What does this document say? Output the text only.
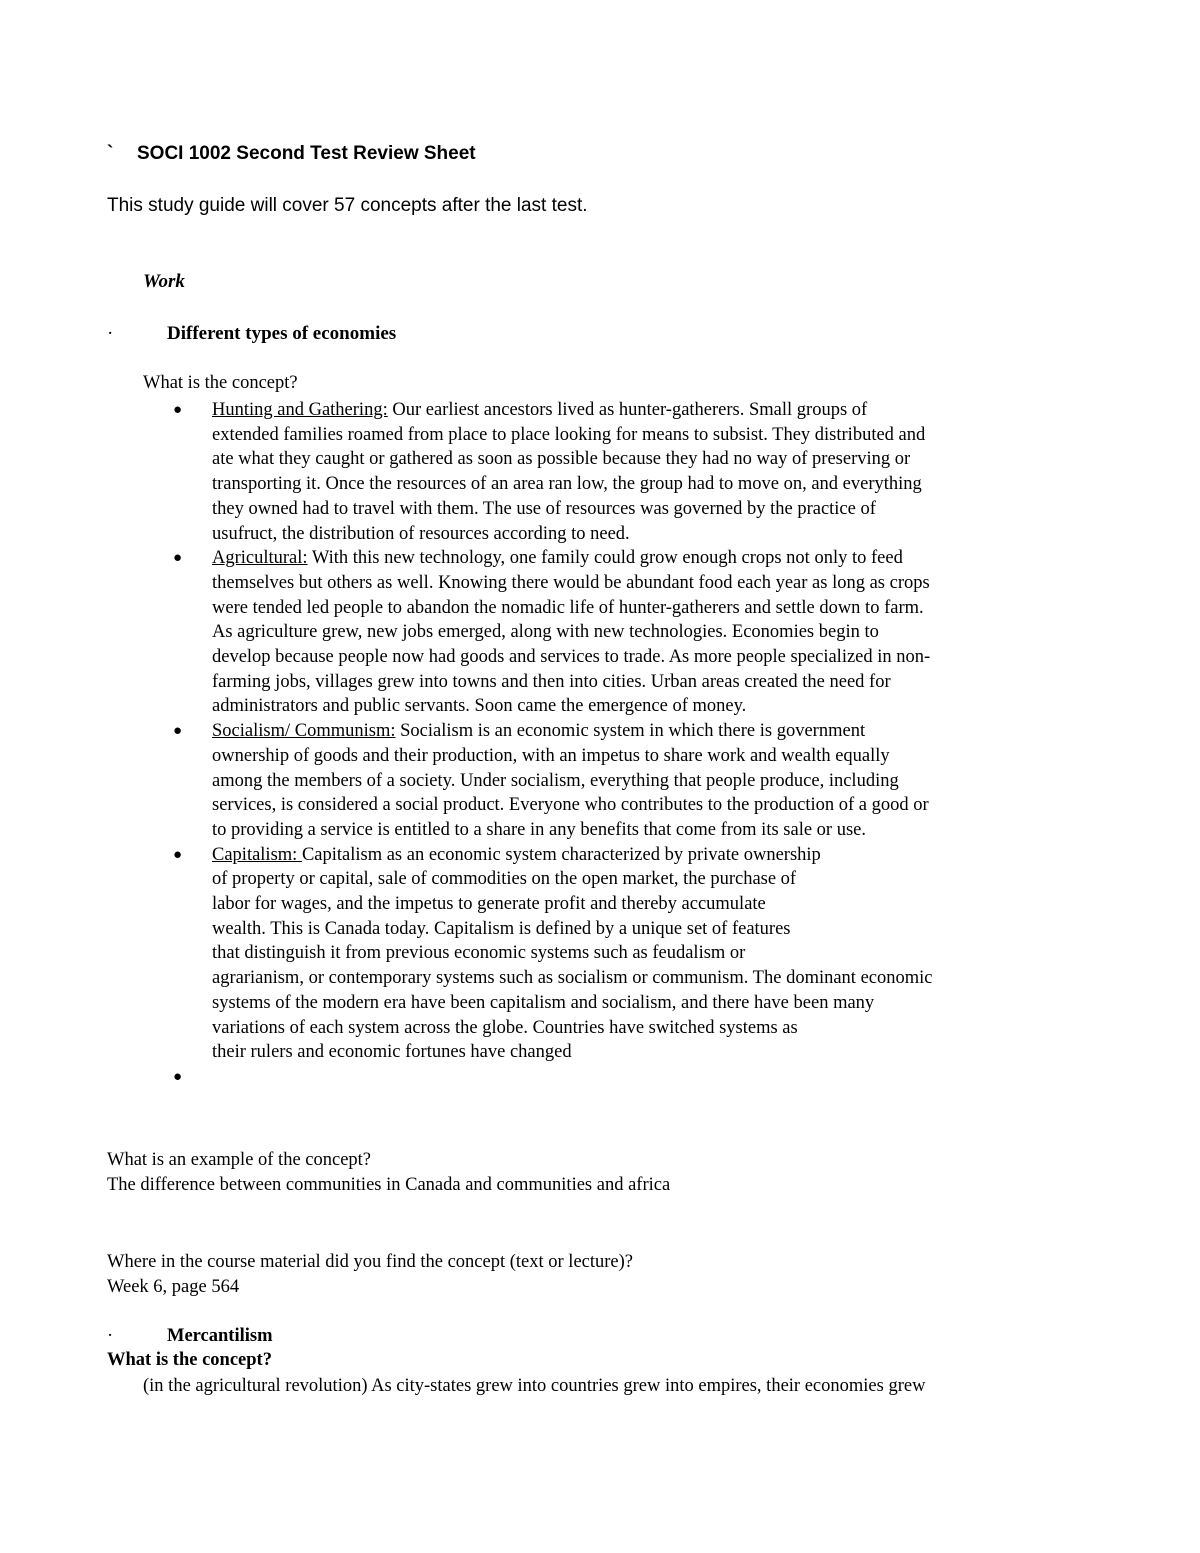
` SOCI 1002 Second Test Review Sheet

This study guide will cover 57 concepts after the last test.

Work

·	Different types of economies

What is the concept?

● Hunting and Gathering: Our earliest ancestors lived as hunter-gatherers. Small groups of
extended families roamed from place to place looking for means to subsist. They distributed and
ate what they caught or gathered as soon as possible because they had no way of preserving or
transporting it. Once the resources of an area ran low, the group had to move on, and everything
they owned had to travel with them. The use of resources was governed by the practice of
usufruct, the distribution of resources according to need.
● Agricultural: With this new technology, one family could grow enough crops not only to feed
themselves but others as well. Knowing there would be abundant food each year as long as crops
were tended led people to abandon the nomadic life of hunter-gatherers and settle down to farm.
As agriculture grew, new jobs emerged, along with new technologies. Economies begin to
develop because people now had goods and services to trade. As more people specialized in non-
farming jobs, villages grew into towns and then into cities. Urban areas created the need for
administrators and public servants. Soon came the emergence of money.
● Socialism/ Communism: Socialism is an economic system in which there is government
ownership of goods and their production, with an impetus to share work and wealth equally
among the members of a society. Under socialism, everything that people produce, including
services, is considered a social product. Everyone who contributes to the production of a good or
to providing a service is entitled to a share in any benefits that come from its sale or use.
● Capitalism: Capitalism as an economic system characterized by private ownership
of property or capital, sale of commodities on the open market, the purchase of
labor for wages, and the impetus to generate profit and thereby accumulate
wealth. This is Canada today. Capitalism is defined by a unique set of features
that distinguish it from previous economic systems such as feudalism or
agrarianism, or contemporary systems such as socialism or communism. The dominant economic
systems of the modern era have been capitalism and socialism, and there have been many
variations of each system across the globe. Countries have switched systems as
their rulers and economic fortunes have changed
●
What is an example of the concept?
The difference between communities in Canada and communities and africa
Where in the course material did you find the concept (text or lecture)?
Week 6, page 564

·	Mercantilism

What is the concept?

(in the agricultural revolution) As city-states grew into countries grew into empires, their economies grew
